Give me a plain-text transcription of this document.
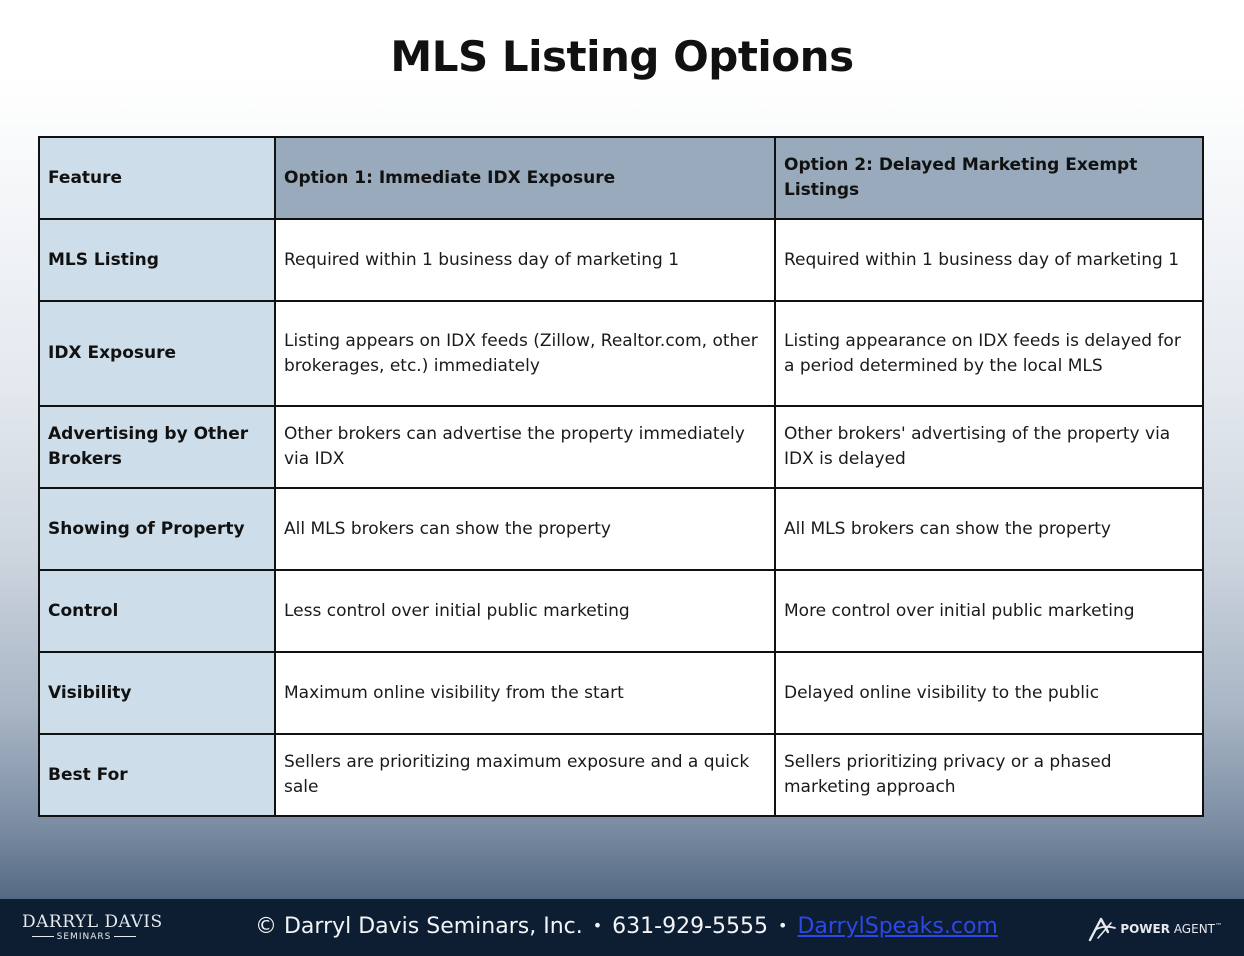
MLS Listing Options
Feature	Option 1: Immediate IDX Exposure	Option 2: Delayed Marketing Exempt Listings
MLS Listing	Required within 1 business day of marketing 1	Required within 1 business day of marketing 1
IDX Exposure	Listing appears on IDX feeds (Zillow, Realtor.com, other brokerages, etc.) immediately	Listing appearance on IDX feeds is delayed for a period determined by the local MLS
Advertising by Other Brokers	Other brokers can advertise the property immediately via IDX	Other brokers' advertising of the property via IDX is delayed
Showing of Property	All MLS brokers can show the property	All MLS brokers can show the property
Control	Less control over initial public marketing	More control over initial public marketing
Visibility	Maximum online visibility from the start	Delayed online visibility to the public
Best For	Sellers are prioritizing maximum exposure and a quick sale	Sellers prioritizing privacy or a phased marketing approach
DARRYL DAVIS
SEMINARS	© Darryl Davis Seminars, Inc. • 631-929-5555 • DarrylSpeaks.com	POWER AGENT™
